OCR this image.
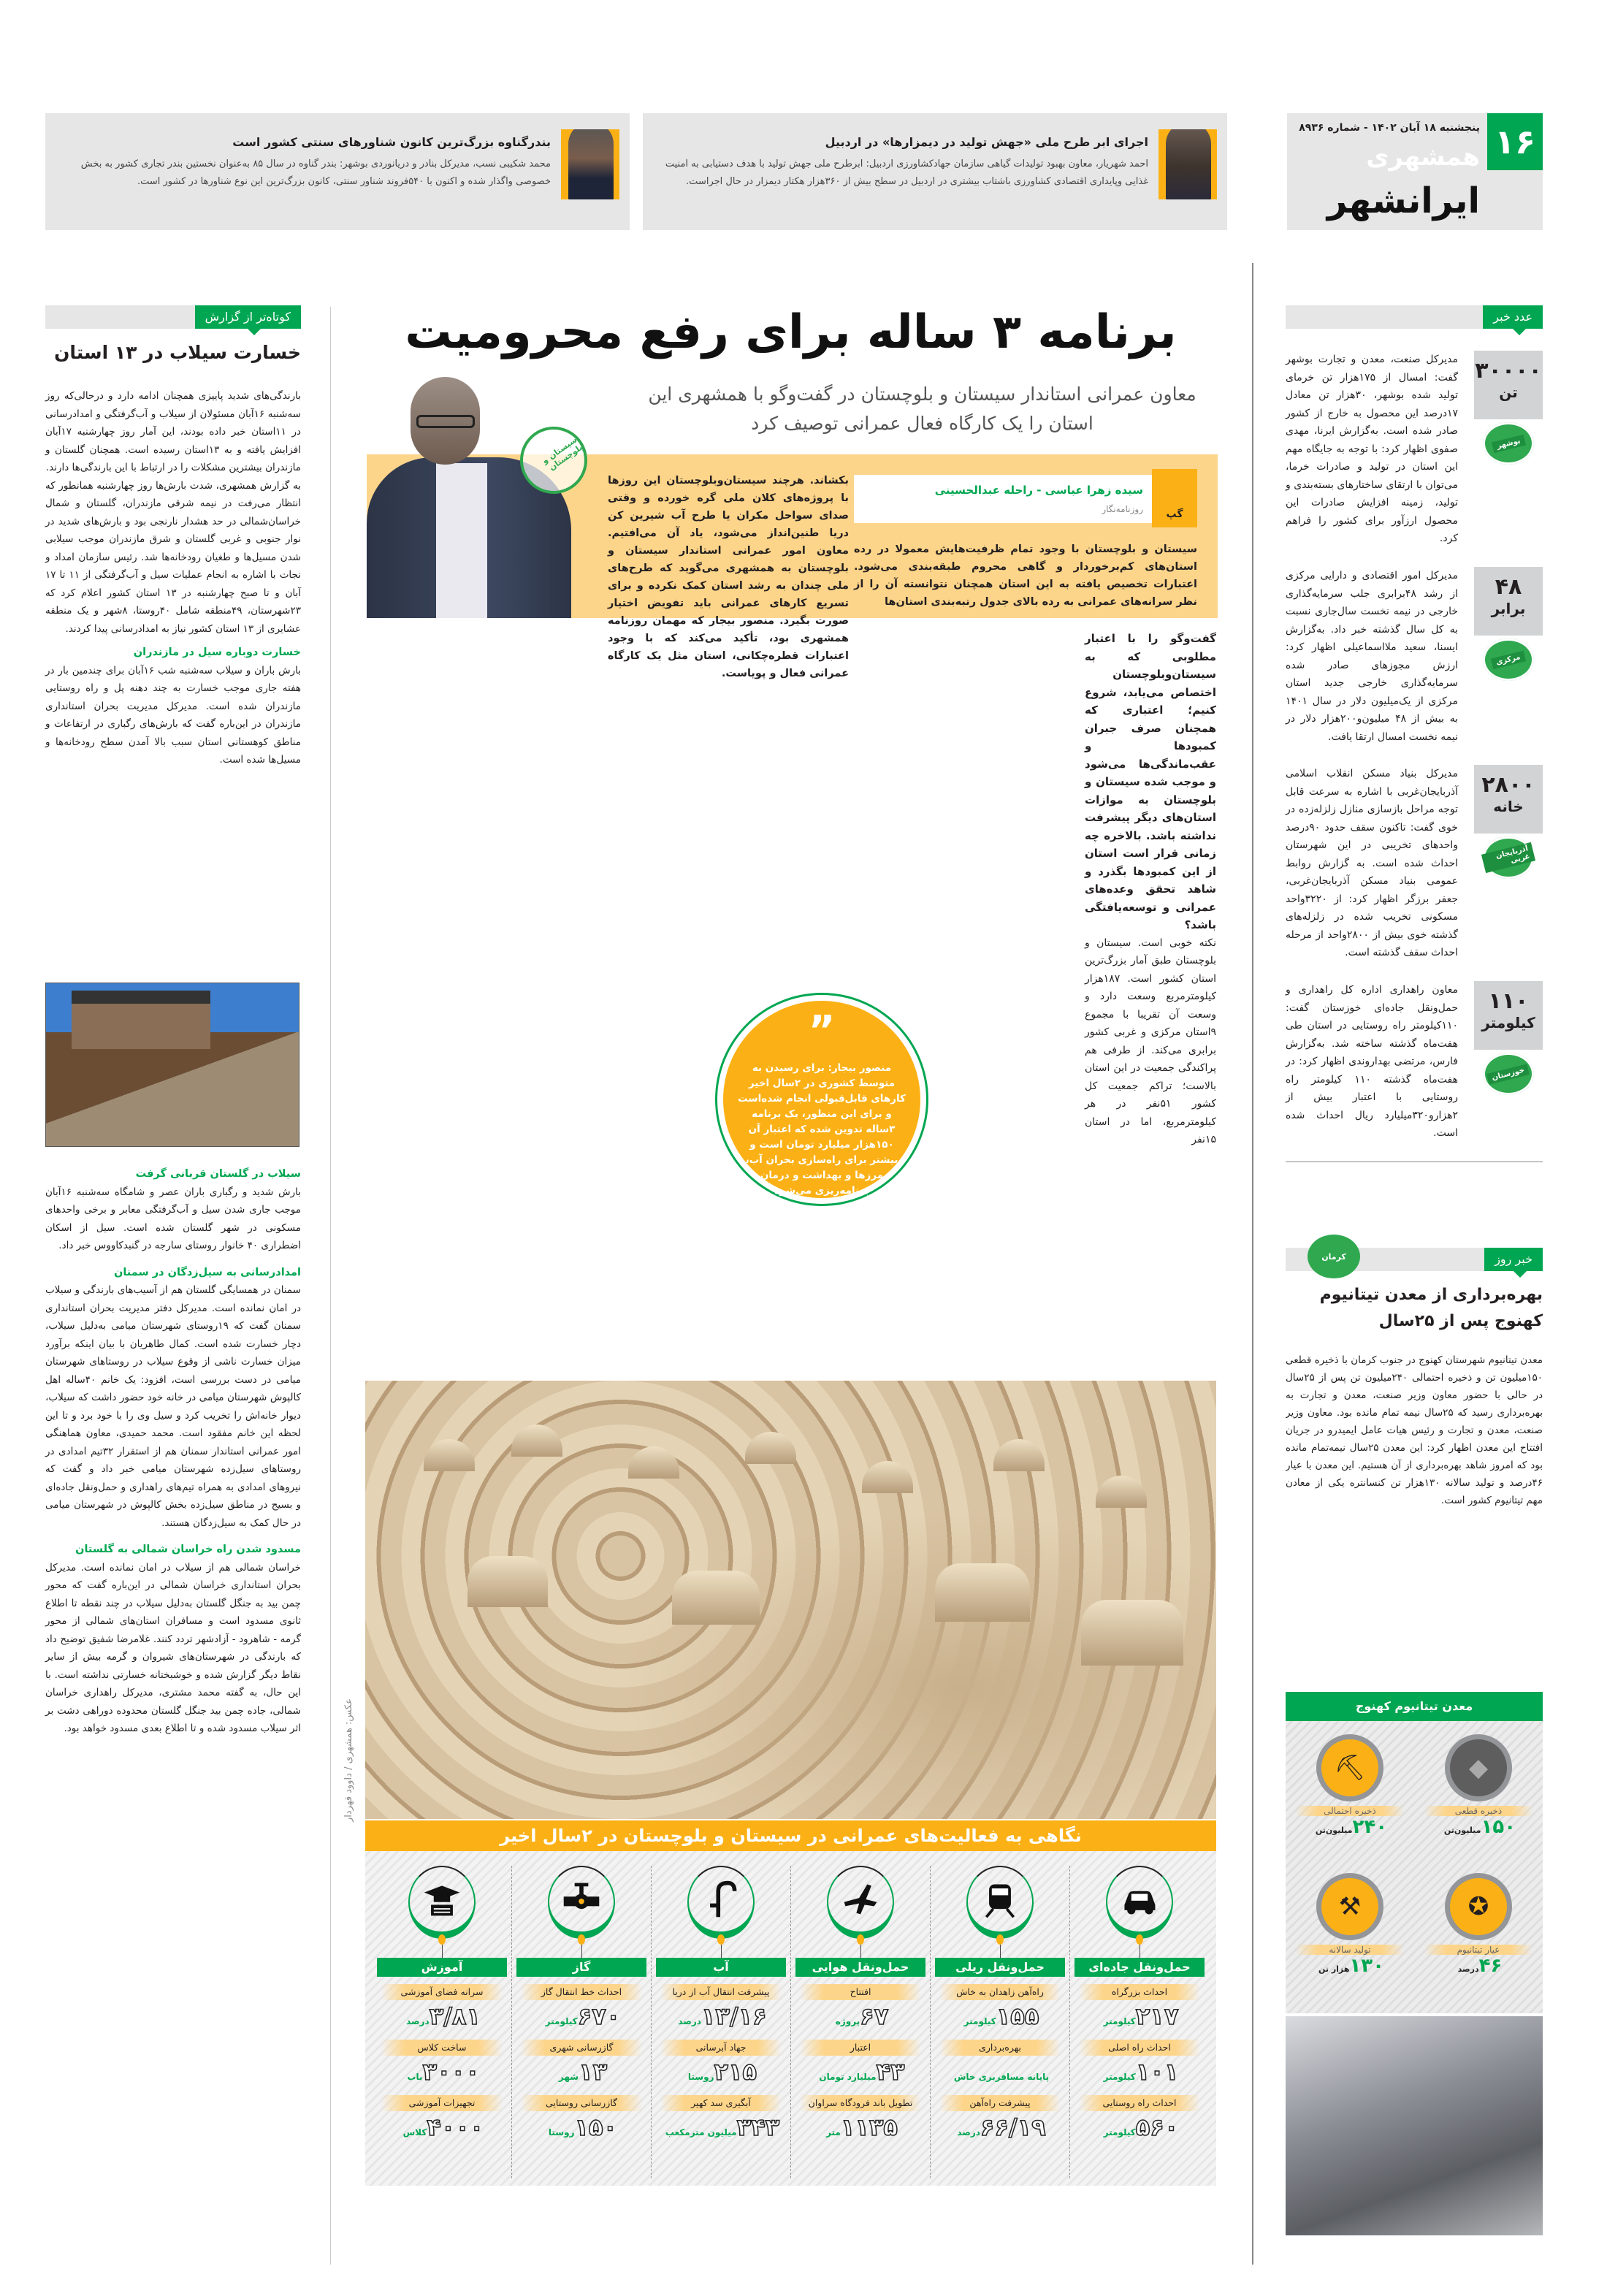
۱۶
پنجشنبه ۱۸ آبان ۱۴۰۲ - شماره ۸۹۳۶
همشهری
ایرانشهر
اجرای ابر طرح ملی «جهش تولید در دیمزارها» در اردبیل

احمد شهریار، معاون بهبود تولیدات گیاهی سازمان جهادکشاورزی اردبیل: ابرطرح ملی جهش تولید با هدف دستیابی به امنیت غذایی وپایداری اقتصادی کشاورزی باشتاب بیشتری در اردبیل در سطح بیش از ۳۶۰هزار هکتار دیمزار در حال اجراست.

بندرگناوه بزرگ‌ترین کانون شناورهای سنتی کشور است

محمد شکیبی نسب، مدیرکل بنادر و دریانوردی بوشهر: بندر گناوه در سال ۸۵ به‌عنوان نخستین بندر تجاری کشور به بخش خصوصی واگذار شده و اکنون با ۵۴۰فروند شناور سنتی، کانون بزرگ‌ترین این نوع شناورها در کشور است.

برنامه ۳ ساله برای رفع محرومیت
معاون عمرانی استاندار سیستان و بلوچستان در گفت‌وگو با همشهری این استان را یک کارگاه فعال عمرانی توصیف کرد
سیستان و بلوچستان
بکشاند. هرچند سیستان‌وبلوچستان این روزها با پروژه‌های کلان ملی گره خورده و وقتی صدای سواحل مکران یا طرح آب شیرین کن دریا طنین‌انداز می‌شود، یاد آن می‌افتیم. معاون امور عمرانی استاندار سیستان و بلوچستان به همشهری می‌گوید که طرح‌های ملی چندان به رشد استان کمک نکرده و برای تسریع کارهای عمرانی باید تفویض اختیار صورت بگیرد. منصور بیجار که مهمان روزنامه همشهری بود، تأکید می‌کند که با وجود اعتبارات قطره‌چکانی، استان مثل یک کارگاه عمرانی فعال و پویاست.
گپ
سیده زهرا عباسی - راحله عبدالحسینی
روزنامه‌نگار
سیستان و بلوچستان با وجود تمام ظرفیت‌هایش معمولا در رده استان‌های کم‌برخوردار و گاهی محروم طبقه‌بندی می‌شود. اعتبارات تخصیص یافته به این استان همچنان نتوانسته آن را از نظر سرانه‌های عمرانی به رده بالای جدول رتبه‌بندی استان‌ها

گفت‌وگو را با اعتبار مطلوبی که به سیستان‌وبلوچستان اختصاص می‌یابد، شروع کنیم؛ اعتباری که همچنان صرف جبران کمبودها و عقب‌ماندگی‌ها می‌شود و موجب شده سیستان و بلوچستان به موازات استان‌های دیگر پیشرفت نداشته باشد. بالاخره چه زمانی قرار است استان از این کمبودها بگذرد و شاهد تحقق وعده‌های عمرانی و توسعه‌یافتگی باشد؟

نکته خوبی است. سیستان و بلوچستان طبق آمار بزرگ‌ترین استان کشور است. ۱۸۷هزار کیلومترمربع وسعت دارد و وسعت آن تقریبا با مجموع ۹استان مرکزی و غربی کشور برابری می‌کند. از طرفی هم پراکندگی جمعیت در این استان بالاست؛ تراکم جمعیت کل کشور ۵۱نفر در هر کیلومترمربع، اما در استان ۱۵نفر

”
منصور بیجار: برای رسیدن به متوسط کشوری در ۲سال اخیر کارهای قابل‌قبولی انجام شده‌است و برای این منظور، یک برنامه ۳ساله تدوین شده که اعتبار آن ۱۵۰هزار میلیارد تومان است و بیشتر برای راه‌سازی بحران آب، مرزها و بهداشت و درمان برنامه‌ریزی می‌شود
عکس: همشهری / داوود قهردار
نگاهی به فعالیت‌های عمرانی در سیستان و بلوچستان در ۲سال اخیر
حمل‌ونقل جاده‌ای
احداث بزرگراه
۲۱۷کیلومتر
احداث راه اصلی
۱۰۱کیلومتر
احداث راه روستایی
۵۶۰کیلومتر
حمل‌ونقل ریلی
راه‌آهن زاهدان به خاش
۱۵۵کیلومتر
بهره‌برداری
پایانه مسافربری خاش
پیشرفت راه‌آهن
۶۶/۱۹درصد
حمل‌ونقل هوایی
افتتاح
۶۷پروژه
اعتبار
۴۳میلیارد تومان
تطویل باند فرودگاه سراوان
۱۱۳۵متر
آب
پیشرفت انتقال آب از دریا
۱۳/۱۶درصد
جهاد آبرسانی
۲۱۵روستا
آبگیری سد کهیر
۳۴۳میلیون مترمکعب
گاز
احداث خط انتقال گاز
۶۷۰کیلومتر
گازرسانی شهری
۱۳شهر
گازرسانی روستایی
۱۵۰روستا
آموزش
سرانه فضای آموزشی
۳/۸۱درصد
ساخت کلاس
۳۰۰۰باب
تجهیزات آموزشی
۴۰۰۰کلاس
کوتاه‌تر از گزارش
خسارت سیلاب در ۱۳ استان

بارندگی‌های شدید پاییزی همچنان ادامه دارد و درحالی‌که روز سه‌شنبه ۱۶آبان مسئولان از سیلاب و آب‌گرفتگی و امدادرسانی در ۱۱استان خبر داده بودند، این آمار روز چهارشنبه ۱۷آبان افزایش یافته و به ۱۳استان رسیده است. همچنان گلستان و مازندران بیشترین مشکلات را در ارتباط با این بارندگی‌ها دارند.

به گزارش همشهری، شدت بارش‌ها روز چهارشنبه همانطور که انتظار می‌رفت در نیمه شرقی مازندران، گلستان و شمال خراسان‌شمالی در حد هشدار نارنجی بود و بارش‌های شدید در نوار جنوبی و غربی گلستان و شرق مازندران موجب سیلابی شدن مسیل‌ها و طغیان رودخانه‌ها شد. رئیس سازمان امداد و نجات با اشاره به انجام عملیات سیل و آب‌گرفتگی از ۱۱ تا ۱۷ آبان و تا صبح چهارشنبه در ۱۳ استان کشور اعلام کرد که ۲۳شهرستان، ۴۹منطقه شامل ۴۰روستا، ۸شهر و یک منطقه عشایری از ۱۳ استان کشور نیاز به امدادرسانی پیدا کردند.

خسارت دوباره سیل در مازندران

بارش باران و سیلاب سه‌شنبه شب ۱۶آبان برای چندمین بار در هفته جاری موجب خسارت به چند دهنه پل و راه روستایی مازندران شده است. مدیرکل مدیریت بحران استانداری مازندران در این‌باره گفت که بارش‌های رگباری در ارتفاعات و مناطق کوهستانی استان سبب بالا آمدن سطح رودخانه‌ها و مسیل‌ها شده است.

سیلاب در گلستان قربانی گرفت

بارش شدید و رگباری باران عصر و شامگاه سه‌شنبه ۱۶آبان موجب جاری شدن سیل و آب‌گرفتگی معابر و برخی واحدهای مسکونی در شهر گلستان شده است. سیل از اسکان اضطراری ۴۰ خانوار روستای سارجه در گنبدکاووس خبر داد.

امدادرسانی به سیل‌زدگان در سمنان

سمنان در همسایگی گلستان هم از آسیب‌های بارندگی و سیلاب در امان نمانده است. مدیرکل دفتر مدیریت بحران استانداری سمنان گفت که ۱۹روستای شهرستان میامی به‌دلیل سیلاب، دچار خسارت شده است. کمال طاهریان با بیان اینکه برآورد میزان خسارت ناشی از وقوع سیلاب در روستاهای شهرستان میامی در دست بررسی است، افزود: یک خانم ۴۰ساله اهل کالپوش شهرستان میامی در خانه خود حضور داشت که سیلاب، دیوار خانه‌اش را تخریب کرد و سیل وی را با خود برد و تا این لحظه این خانم مفقود است. محمد حمیدی، معاون هماهنگی امور عمرانی استاندار سمنان هم از استقرار ۳۲تیم امدادی در روستاهای سیل‌زده شهرستان میامی خبر داد و گفت که نیروهای امدادی به همراه تیم‌های راهداری و حمل‌ونقل جاده‌ای و بسیج در مناطق سیل‌زده بخش کالپوش در شهرستان میامی در حال کمک به سیل‌زدگان هستند.

مسدود شدن راه خراسان شمالی به گلستان

خراسان شمالی هم از سیلاب در امان نمانده است. مدیرکل بحران استانداری خراسان شمالی در این‌باره گفت که محور چمن بید به جنگل گلستان به‌دلیل سیلاب در چند نقطه تا اطلاع ثانوی مسدود است و مسافران استان‌های شمالی از محور گرمه - شاهرود - آزادشهر تردد کنند. غلامرضا شفیق توضیح داد که بارندگی در شهرستان‌های شیروان و گرمه بیش از سایر نقاط دیگر گزارش شده و خوشبختانه خسارتی نداشته است. با این حال، به گفته محمد مشتری، مدیرکل راهداری خراسان شمالی، جاده چمن بید جنگل گلستان محدوده دوراهی دشت بر اثر سیلاب مسدود شده و تا اطلاع بعدی مسدود خواهد بود.

عدد خبر
۳۰۰۰۰
تن
بوشهر

مدیرکل صنعت، معدن و تجارت بوشهر گفت: امسال از ۱۷۵هزار تن خرمای تولید شده بوشهر، ۳۰هزار تن معادل ۱۷درصد این محصول به خارج از کشور صادر شده است. به‌گزارش ایرنا، مهدی صفوی اظهار کرد: با توجه به جایگاه مهم این استان در تولید و صادرات خرما، می‌توان با ارتقای ساختارهای بسته‌بندی و تولید، زمینه افزایش صادرات این محصول ارزآور برای کشور را فراهم کرد.

۴۸
برابر
مرکزی

مدیرکل امور اقتصادی و دارایی مرکزی از رشد ۴۸برابری جلب سرمایه‌گذاری خارجی در نیمه نخست سال‌جاری نسبت به کل سال گذشته خبر داد. به‌گزارش ایسنا، سعید ملااسماعیلی اظهار کرد: ارزش مجوزهای صادر شده سرمایه‌گذاری خارجی جدید استان مرکزی از یک‌میلیون دلار در سال ۱۴۰۱ به بیش از ۴۸ میلیون‌و۲۰۰هزار دلار در نیمه نخست امسال ارتقا یافت.

۲۸۰۰
خانه
آذربایجان غربی

مدیرکل بنیاد مسکن انقلاب اسلامی آذربایجان‌غربی با اشاره به سرعت قابل توجه مراحل بازسازی منازل زلزله‌زده در خوی گفت: تاکنون سقف حدود ۹۰درصد واحدهای تخریبی در این شهرستان احداث شده است. به گزارش روابط عمومی بنیاد مسکن آذربایجان‌غربی، جعفر برزگر اظهار کرد: از ۳۲۲۰واحد مسکونی تخریب شده در زلزله‌های گذشته خوی بیش از ۲۸۰۰واحد از مرحله احداث سقف گذشته است.

۱۱۰
کیلومتر
خوزستان

معاون راهداری اداره کل راهداری و حمل‌ونقل جاده‌ای خوزستان گفت: ۱۱۰کیلومتر راه روستایی در استان طی هفت‌ماه گذشته ساخته شد. به‌گزارش فارس، مرتضی بهداروندی اظهار کرد: در هفت‌ماه گذشته ۱۱۰ کیلومتر راه روستایی با اعتبار بیش از ۲هزارو۳۲۰میلیارد ریال احداث شده است.

خبر روز
کرمان
بهره‌برداری از معدن تیتانیوم کهنوج پس از ۲۵سال
معدن تیتانیوم شهرستان کهنوج در جنوب کرمان با ذخیره قطعی ۱۵۰میلیون تن و ذخیره احتمالی ۲۴۰میلیون تن پس از ۲۵سال در حالی با حضور معاون وزیر صنعت، معدن و تجارت به بهره‌برداری رسید که ۲۵سال نیمه تمام مانده بود. معاون وزیر صنعت، معدن و تجارت و رئیس هیات عامل ایمیدرو در جریان افتتاح این معدن اظهار کرد: این معدن ۲۵سال نیمه‌تمام مانده بود که امروز شاهد بهره‌برداری از آن هستیم. این معدن با عیار ۴۶درصد و تولید سالانه ۱۳۰هزار تن کنسانتره یکی از معادن مهم تیتانیوم کشور است.
معدن تیتانیوم کهنوج
◆
ذخیره قطعی
۱۵۰میلیون‌تن
⛏
ذخیره احتمالی
۲۴۰میلیون‌تن
✪
عیار تیتانیوم
۴۶درصد
⚒
تولید سالانه
۱۳۰هزار تن
